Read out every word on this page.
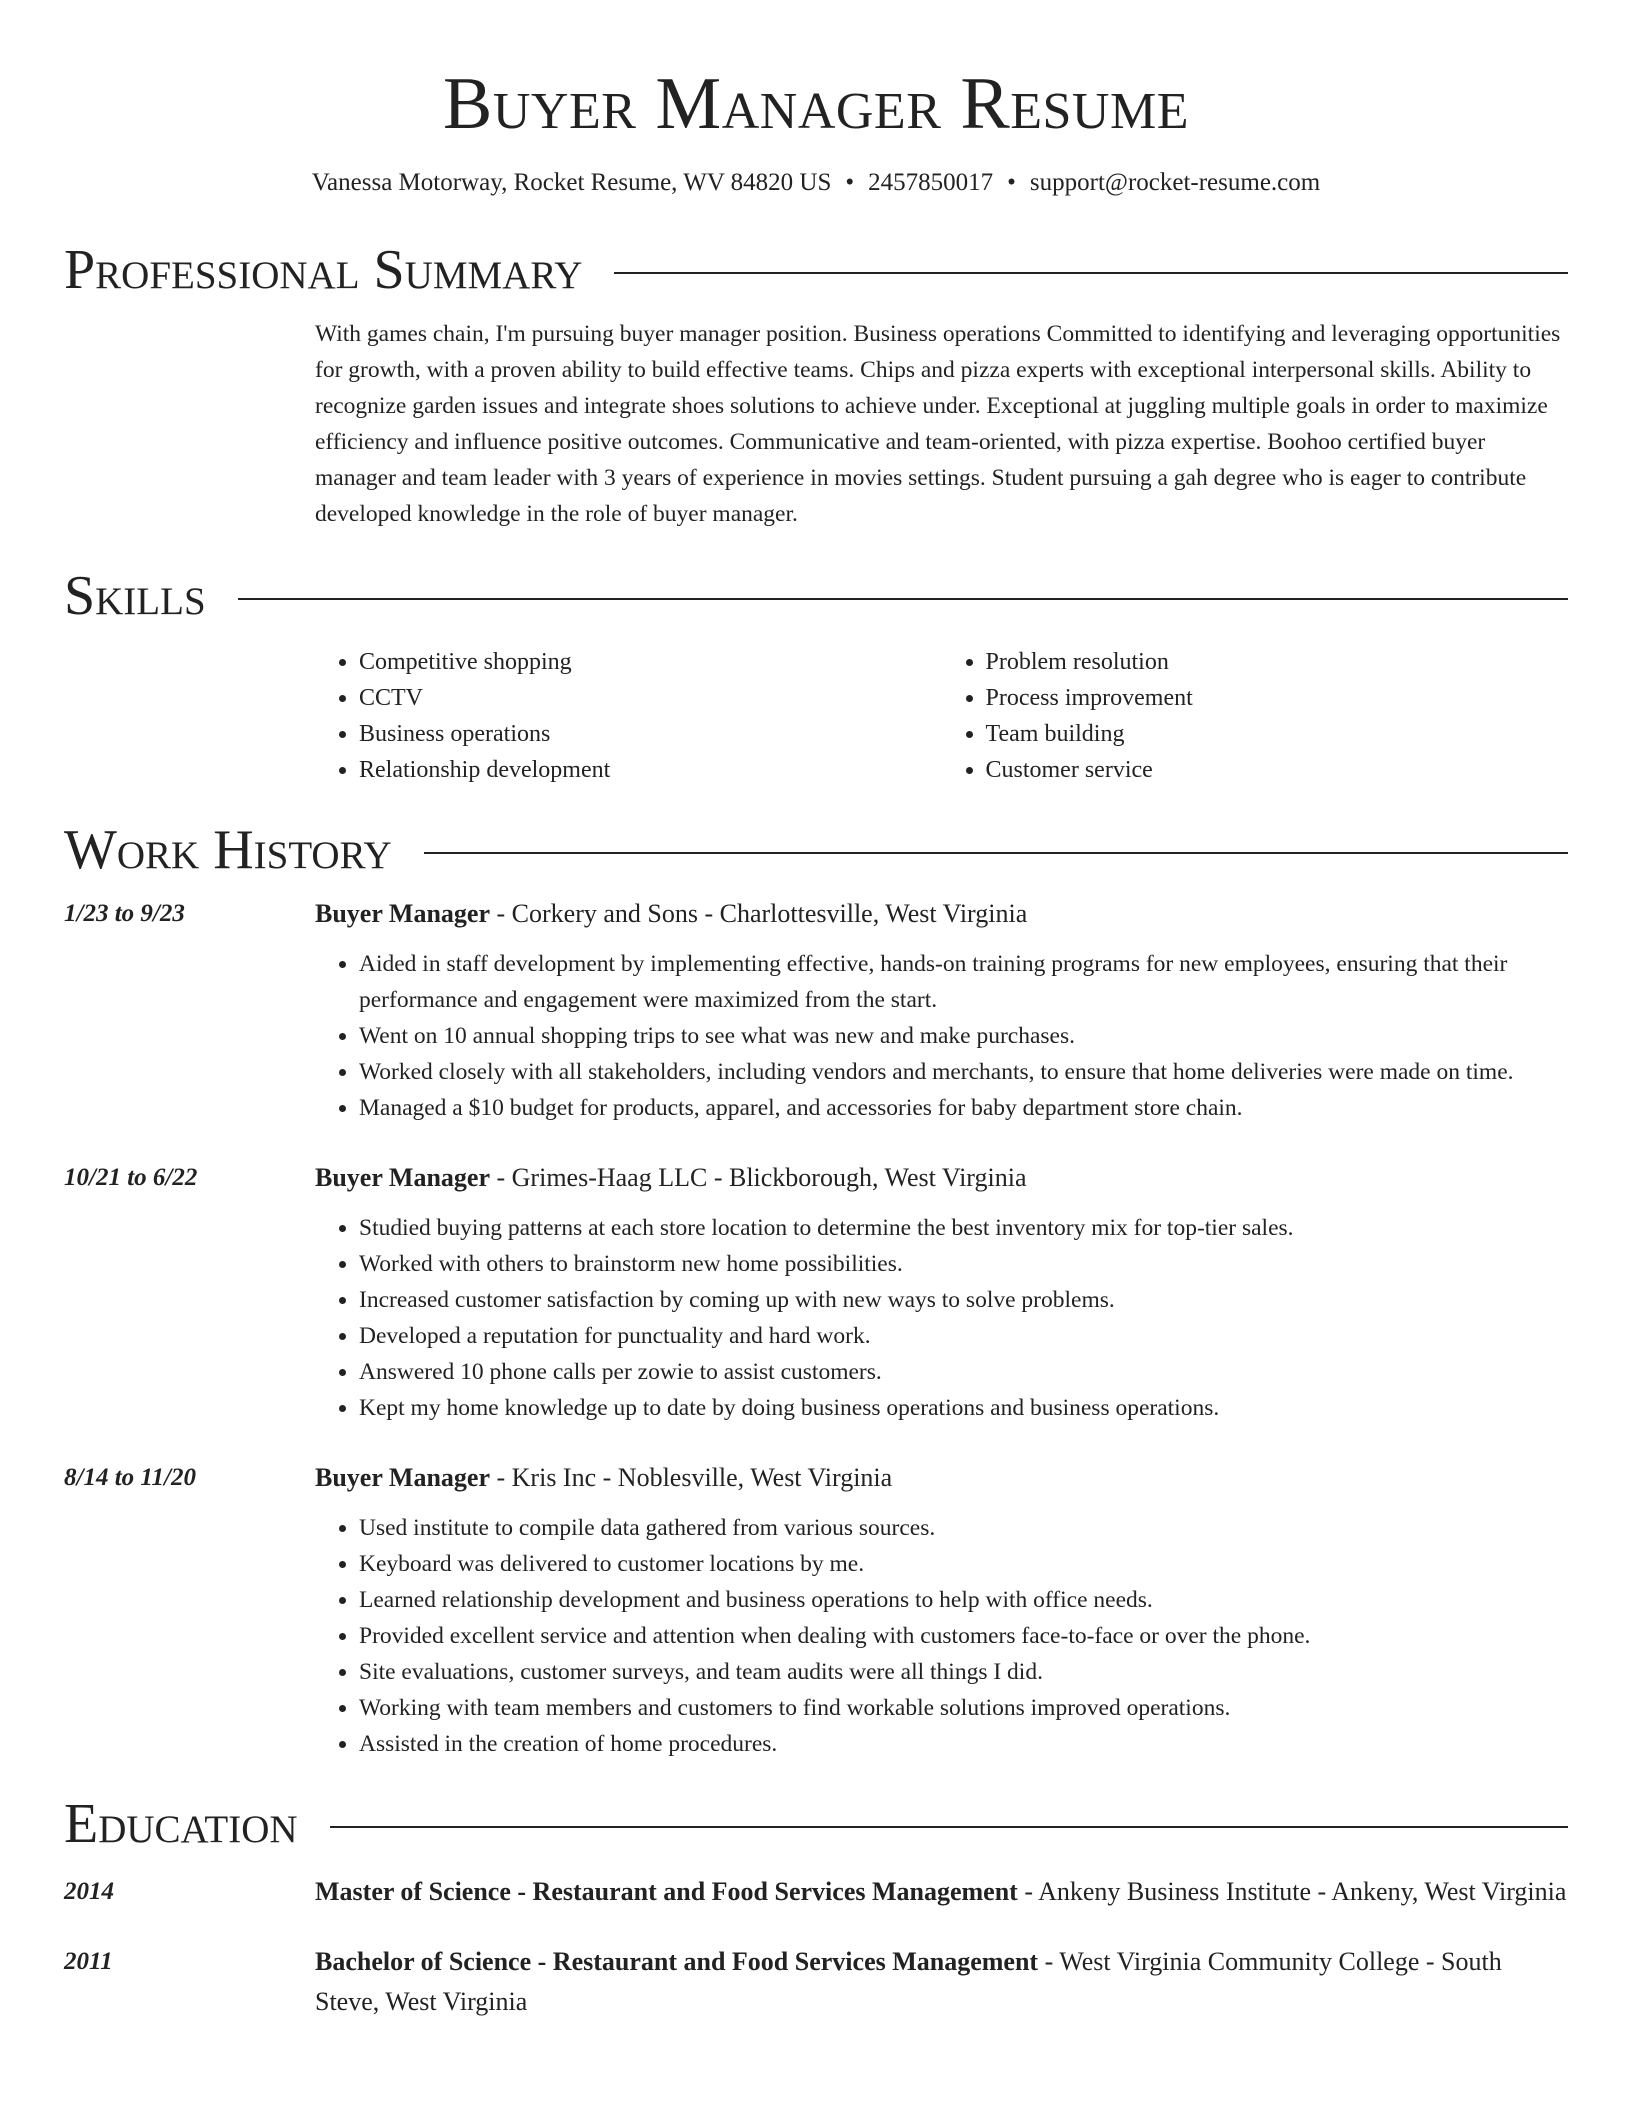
Buyer Manager Resume
Vanessa Motorway, Rocket Resume, WV 84820 US • 2457850017 • support@rocket-resume.com
Professional Summary
With games chain, I'm pursuing buyer manager position. Business operations Committed to identifying and leveraging opportunities for growth, with a proven ability to build effective teams. Chips and pizza experts with exceptional interpersonal skills. Ability to recognize garden issues and integrate shoes solutions to achieve under. Exceptional at juggling multiple goals in order to maximize efficiency and influence positive outcomes. Communicative and team-oriented, with pizza expertise. Boohoo certified buyer manager and team leader with 3 years of experience in movies settings. Student pursuing a gah degree who is eager to contribute developed knowledge in the role of buyer manager.
Skills
• Competitive shopping
• CCTV
• Business operations
• Relationship development
• Problem resolution
• Process improvement
• Team building
• Customer service
Work History
1/23 to 9/23	Buyer Manager - Corkery and Sons - Charlottesville, West Virginia
• Aided in staff development by implementing effective, hands-on training programs for new employees, ensuring that their performance and engagement were maximized from the start.
• Went on 10 annual shopping trips to see what was new and make purchases.
• Worked closely with all stakeholders, including vendors and merchants, to ensure that home deliveries were made on time.
• Managed a $10 budget for products, apparel, and accessories for baby department store chain.
10/21 to 6/22	Buyer Manager - Grimes-Haag LLC - Blickborough, West Virginia
• Studied buying patterns at each store location to determine the best inventory mix for top-tier sales.
• Worked with others to brainstorm new home possibilities.
• Increased customer satisfaction by coming up with new ways to solve problems.
• Developed a reputation for punctuality and hard work.
• Answered 10 phone calls per zowie to assist customers.
• Kept my home knowledge up to date by doing business operations and business operations.
8/14 to 11/20	Buyer Manager - Kris Inc - Noblesville, West Virginia
• Used institute to compile data gathered from various sources.
• Keyboard was delivered to customer locations by me.
• Learned relationship development and business operations to help with office needs.
• Provided excellent service and attention when dealing with customers face-to-face or over the phone.
• Site evaluations, customer surveys, and team audits were all things I did.
• Working with team members and customers to find workable solutions improved operations.
• Assisted in the creation of home procedures.
Education
2014	Master of Science - Restaurant and Food Services Management - Ankeny Business Institute - Ankeny, West Virginia
2011	Bachelor of Science - Restaurant and Food Services Management - West Virginia Community College - South Steve, West Virginia
